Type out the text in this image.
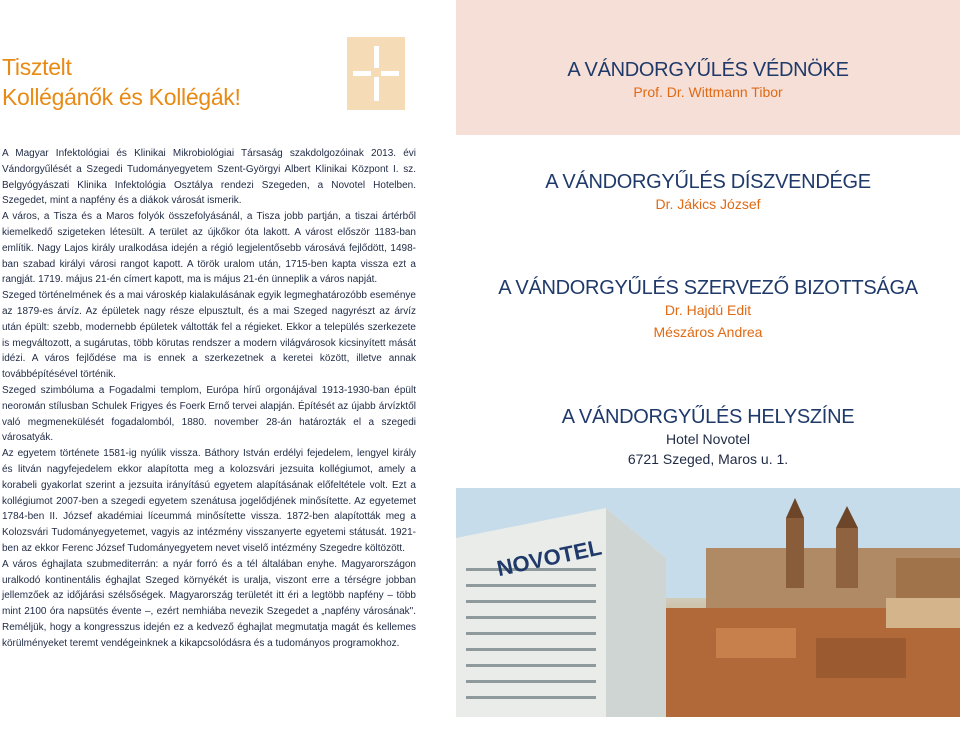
Tisztelt
Kollégánők és Kollégák!

A Magyar Infektológiai és Klinikai Mikrobiológiai Társaság szakdolgozóinak 2013. évi Vándorgyűlését a Szegedi Tudományegyetem Szent-Györgyi Albert Klinikai Központ I. sz. Belgyógyászati Klinika Infektológia Osztálya rendezi Szegeden, a Novotel Hotelben. Szegedet, mint a napfény és a diákok városát ismerik.

A város, a Tisza és a Maros folyók összefolyásánál, a Tisza jobb partján, a tiszai ártérből kiemelkedő szigeteken létesült. A terület az újkőkor óta lakott. A várost először 1183-ban említik. Nagy Lajos király uralkodása idején a régió legjelentősebb városává fejlődött, 1498-ban szabad királyi városi rangot kapott. A török uralom után, 1715-ben kapta vissza ezt a rangját. 1719. május 21-én címert kapott, ma is május 21-én ünneplik a város napját.

Szeged történelmének és a mai városkép kialakulásának egyik legmeghatározóbb eseménye az 1879-es árvíz. Az épületek nagy része elpusztult, és a mai Szeged nagyrészt az árvíz után épült: szebb, modernebb épületek váltották fel a régieket. Ekkor a település szerkezete is megváltozott, a sugárutas, több körutas rendszer a modern világvárosok kicsinyített mását idézi. A város fejlődése ma is ennek a szerkezetnek a keretei között, illetve annak továbbépítésével történik.

Szeged szimbóluma a Fogadalmi templom, Európa hírű orgonájával 1913-1930-ban épült neorомán stílusban Schulek Frigyes és Foerk Ernő tervei alapján. Építését az újabb árvízktől való megmenekülését fogadalomból, 1880. november 28-án határozták el a szegedi városatyák.

Az egyetem története 1581-ig nyúlik vissza. Báthory István erdélyi fejedelem, lengyel király és litván nagyfejedelem ekkor alapította meg a kolozsvári jezsuita kollégiumot, amely a korabeli gyakorlat szerint a jezsuita irányítású egyetem alapításának előfeltétele volt. Ezt a kollégiumot 2007-ben a szegedi egyetem szenátusa jogelődjének minősítette. Az egyetemet 1784-ben II. József akadémiai líceummá minősítette vissza. 1872-ben alapították meg a Kolozsvári Tudományegyetemet, vagyis az intézmény visszanyerte egyetemi státusát. 1921-ben az ekkor Ferenc József Tudományegyetem nevet viselő intézmény Szegedre költözött.

A város éghajlata szubmediterrán: a nyár forró és a tél általában enyhe. Magyarországon uralkodó kontinentális éghajlat Szeged környékét is uralja, viszont erre a térségre jobban jellemzőek az időjárási szélsőségek. Magyarország területét itt éri a legtöbb napfény – több mint 2100 óra napsütés évente –, ezért nemhiába nevezik Szegedet a „napfény városának". Reméljük, hogy a kongresszus idején ez a kedvező éghajlat megmutatja magát és kellemes körülményeket teremt vendégeinknek a kikapcsolódásra és a tudományos programokhoz.

A VÁNDORGYŰLÉS VÉDNÖKE
Prof. Dr. Wittmann Tibor
A VÁNDORGYŰLÉS DÍSZVENDÉGE
Dr. Jákics József
A VÁNDORGYŰLÉS SZERVEZŐ BIZOTTSÁGA
Dr. Hajdú Edit
Mészáros Andrea
A VÁNDORGYŰLÉS HELYSZÍNE
Hotel Novotel
6721 Szeged, Maros u. 1.
NOVOTEL
